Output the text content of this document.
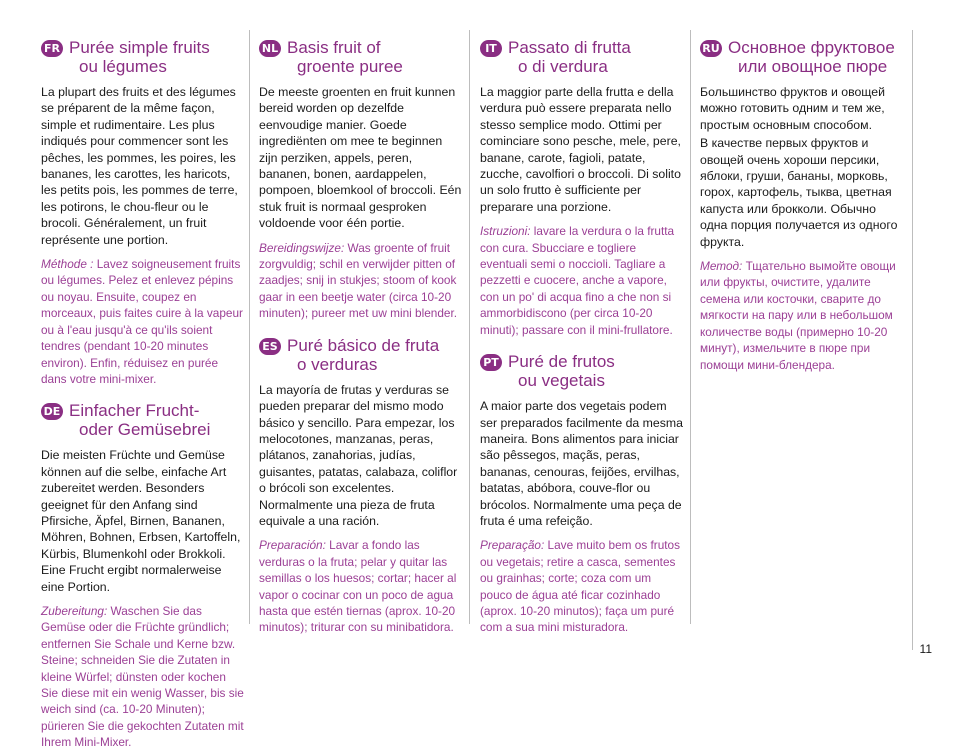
FR Purée simple fruits
ou légumes

La plupart des fruits et des légumes se préparent de la même façon, simple et rudimentaire. Les plus indiqués pour commencer sont les pêches, les pommes, les poires, les bananes, les carottes, les haricots, les petits pois, les pommes de terre, les potirons, le chou-fleur ou le brocoli. Généralement, un fruit représente une portion.

Méthode : Lavez soigneusement fruits ou légumes. Pelez et enlevez pépins ou noyau. Ensuite, coupez en morceaux, puis faites cuire à la vapeur ou à l'eau jusqu'à ce qu'ils soient tendres (pendant 10-20 minutes environ). Enfin, réduisez en purée dans votre mini-mixer.

DE Einfacher Frucht-
oder Gemüsebrei

Die meisten Früchte und Gemüse können auf die selbe, einfache Art zubereitet werden. Besonders geeignet für den Anfang sind Pfirsiche, Äpfel, Birnen, Bananen, Möhren, Bohnen, Erbsen, Kartoffeln, Kürbis, Blumenkohl oder Brokkoli. Eine Frucht ergibt normalerweise eine Portion.

Zubereitung: Waschen Sie das Gemüse oder die Früchte gründlich; entfernen Sie Schale und Kerne bzw. Steine; schneiden Sie die Zutaten in kleine Würfel; dünsten oder kochen Sie diese mit ein wenig Wasser, bis sie weich sind (ca. 10-20 Minuten); pürieren Sie die gekochten Zutaten mit Ihrem Mini-Mixer.

NL Basis fruit of
groente puree

De meeste groenten en fruit kunnen bereid worden op dezelfde eenvoudige manier. Goede ingrediënten om mee te beginnen zijn perziken, appels, peren, bananen, bonen, aardappelen, pompoen, bloemkool of broccoli. Eén stuk fruit is normaal gesproken voldoende voor één portie.

Bereidingswijze: Was groente of fruit zorgvuldig; schil en verwijder pitten of zaadjes; snij in stukjes; stoom of kook gaar in een beetje water (circa 10-20 minuten); pureer met uw mini blender.

ES Puré básico de fruta
o verduras

La mayoría de frutas y verduras se pueden preparar del mismo modo básico y sencillo. Para empezar, los melocotones, manzanas, peras, plátanos, zanahorias, judías, guisantes, patatas, calabaza, coliflor o brócoli son excelentes. Normalmente una pieza de fruta equivale a una ración.

Preparación: Lavar a fondo las verduras o la fruta; pelar y quitar las semillas o los huesos; cortar; hacer al vapor o cocinar con un poco de agua hasta que estén tiernas (aprox. 10-20 minutos); triturar con su minibatidora.

IT Passato di frutta
o di verdura

La maggior parte della frutta e della verdura può essere preparata nello stesso semplice modo. Ottimi per cominciare sono pesche, mele, pere, banane, carote, fagioli, patate, zucche, cavolfiori o broccoli. Di solito un solo frutto è sufficiente per preparare una porzione.

Istruzioni: lavare la verdura o la frutta con cura. Sbucciare e togliere eventuali semi o noccioli. Tagliare a pezzetti e cuocere, anche a vapore, con un po' di acqua fino a che non si ammorbidiscono (per circa 10-20 minuti); passare con il mini-frullatore.

PT Puré de frutos
ou vegetais

A maior parte dos vegetais podem ser preparados facilmente da mesma maneira. Bons alimentos para iniciar são pêssegos, maçãs, peras, bananas, cenouras, feijões, ervilhas, batatas, abóbora, couve-flor ou brócolos. Normalmente uma peça de fruta é uma refeição.

Preparação: Lave muito bem os frutos ou vegetais; retire a casca, sementes ou grainhas; corte; coza com um pouco de água até ficar cozinhado (aprox. 10-20 minutos); faça um puré com a sua mini misturadora.

RU Основное фруктовое
или овощное пюре

Большинство фруктов и овощей можно готовить одним и тем же, простым основным способом.

В качестве первых фруктов и овощей очень хороши персики, яблоки, груши, бананы, морковь, горох, картофель, тыква, цветная капуста или брокколи. Обычно одна порция получается из одного фрукта.

Метод: Тщательно вымойте овощи или фрукты, очистите, удалите семена или косточки, сварите до мягкости на пару или в небольшом количестве воды (примерно 10-20 минут), измельчите в пюре при помощи мини-блендера.

11
